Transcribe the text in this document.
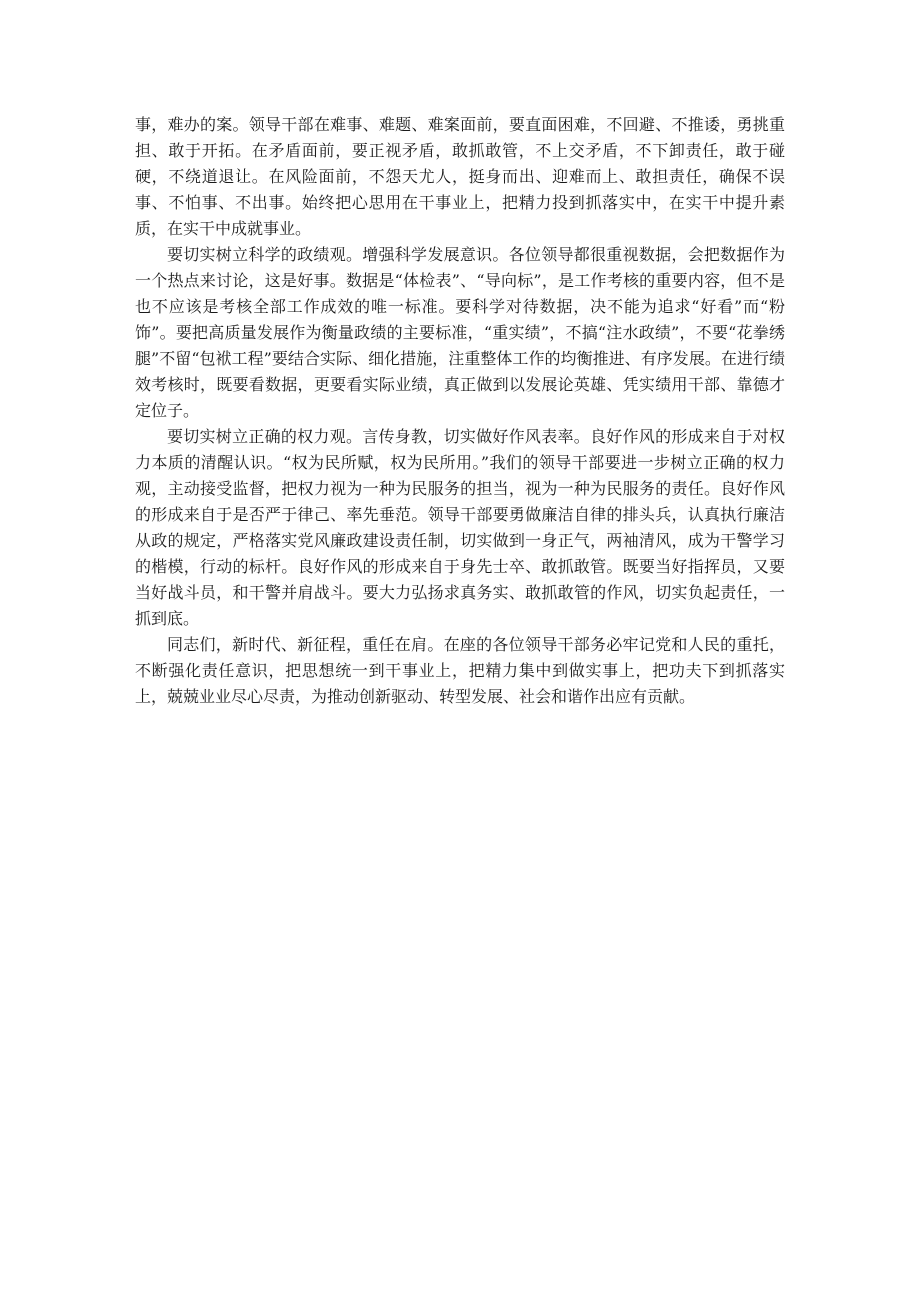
事，难办的案。领导干部在难事、难题、难案面前，要直面困难，不回避、不推诿，勇挑重担、敢于开拓。在矛盾面前，要正视矛盾，敢抓敢管，不上交矛盾，不下卸责任，敢于碰硬，不绕道退让。在风险面前，不怨天尤人，挺身而出、迎难而上、敢担责任，确保不误事、不怕事、不出事。始终把心思用在干事业上，把精力投到抓落实中，在实干中提升素质，在实干中成就事业。

要切实树立科学的政绩观。增强科学发展意识。各位领导都很重视数据，会把数据作为一个热点来讨论，这是好事。数据是“体检表”、“导向标”，是工作考核的重要内容，但不是也不应该是考核全部工作成效的唯一标准。要科学对待数据，决不能为追求“好看”而“粉饰”。要把高质量发展作为衡量政绩的主要标准，“重实绩”，不搞“注水政绩”，不要“花拳绣腿”不留“包袱工程”要结合实际、细化措施，注重整体工作的均衡推进、有序发展。在进行绩效考核时，既要看数据，更要看实际业绩，真正做到以发展论英雄、凭实绩用干部、靠德才定位子。

要切实树立正确的权力观。言传身教，切实做好作风表率。良好作风的形成来自于对权力本质的清醒认识。“权为民所赋，权为民所用。”我们的领导干部要进一步树立正确的权力观，主动接受监督，把权力视为一种为民服务的担当，视为一种为民服务的责任。良好作风的形成来自于是否严于律己、率先垂范。领导干部要勇做廉洁自律的排头兵，认真执行廉洁从政的规定，严格落实党风廉政建设责任制，切实做到一身正气，两袖清风，成为干警学习的楷模，行动的标杆。良好作风的形成来自于身先士卒、敢抓敢管。既要当好指挥员，又要当好战斗员，和干警并肩战斗。要大力弘扬求真务实、敢抓敢管的作风，切实负起责任，一抓到底。

同志们，新时代、新征程，重任在肩。在座的各位领导干部务必牢记党和人民的重托，不断强化责任意识，把思想统一到干事业上，把精力集中到做实事上，把功夫下到抓落实上，兢兢业业尽心尽责，为推动创新驱动、转型发展、社会和谐作出应有贡献。
